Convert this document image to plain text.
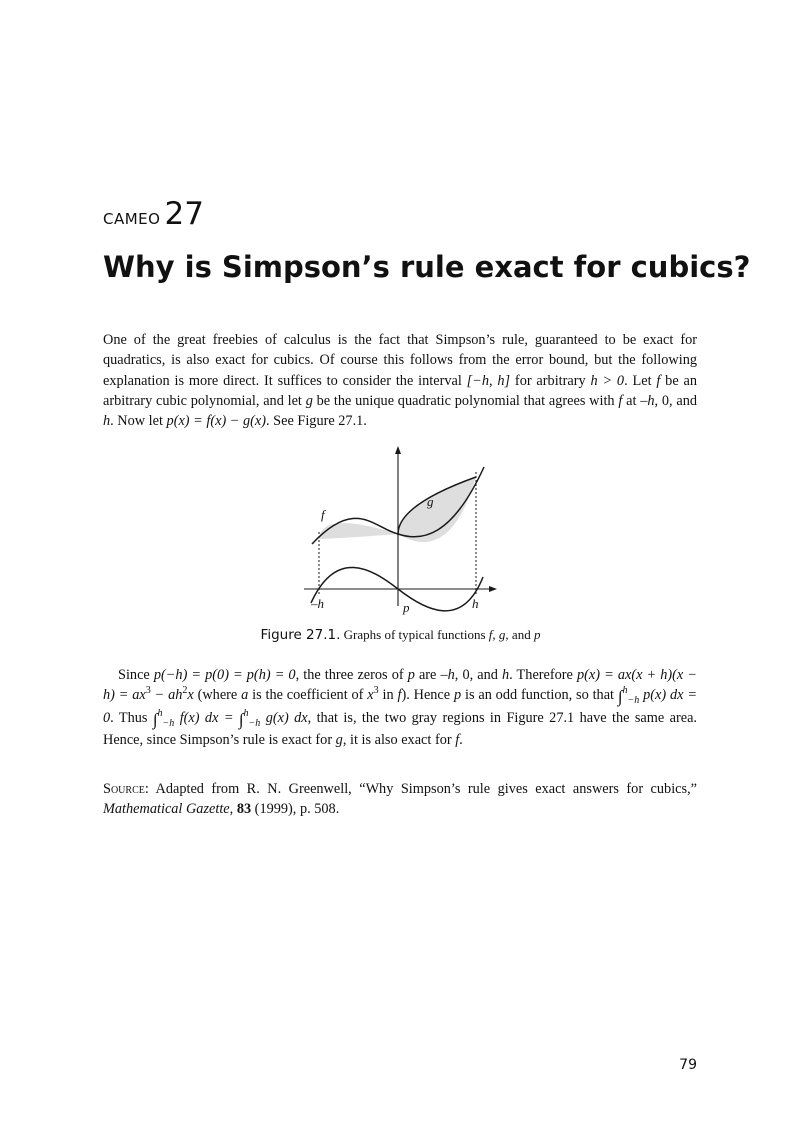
CAMEO 27
Why is Simpson’s rule exact for cubics?

One of the great freebies of calculus is the fact that Simpson’s rule, guaranteed to be exact for quadratics, is also exact for cubics. Of course this follows from the error bound, but the following explanation is more direct. It suffices to consider the interval [−h, h] for arbitrary h > 0. Let f be an arbitrary cubic polynomial, and let g be the unique quadratic polynomial that agrees with f at –h, 0, and h. Now let p(x) = f(x) − g(x). See Figure 27.1.

f
g
p
–h	h
Figure 27.1. Graphs of typical functions f, g, and p

Since p(−h) = p(0) = p(h) = 0, the three zeros of p are –h, 0, and h. Therefore $p(x) = ax(x + h)(x - h) = ax^3 - ah^2x$ (where a is the coefficient of $x^3$ in f). Hence p is an odd function, so that ∫$^h_{-h}$ p(x) dx = 0. Thus ∫$^h_{-h}$ f(x) dx = ∫$^h_{-h}$ g(x) dx, that is, the two gray regions in Figure 27.1 have the same area. Hence, since Simpson’s rule is exact for g, it is also exact for f.

Source: Adapted from R. N. Greenwell, “Why Simpson’s rule gives exact answers for cubics,” Mathematical Gazette, 83 (1999), p. 508.

79
